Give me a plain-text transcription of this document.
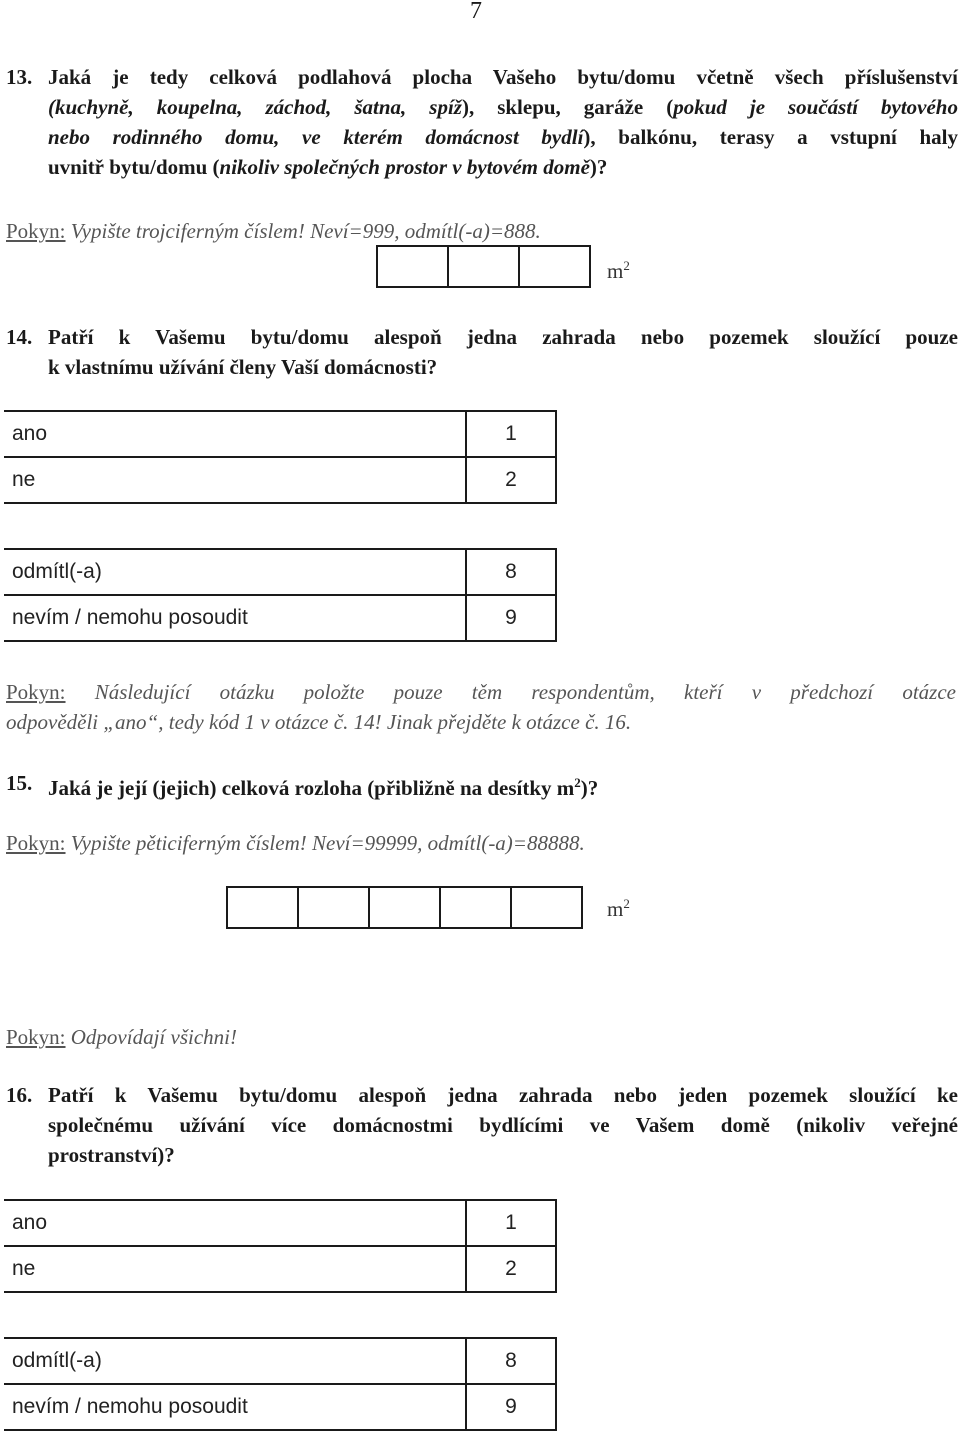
7
13. Jaká je tedy celková podlahová plocha Vašeho bytu/domu včetně všech příslušenství
(kuchyně, koupelna, záchod, šatna, spíž), sklepu, garáže (pokud je součástí bytového
nebo rodinného domu, ve kterém domácnost bydlí), balkónu, terasy a vstupní haly
uvnitř bytu/domu (nikoliv společných prostor v bytovém domě)?
Pokyn: Vypište trojciferným číslem! Neví=999, odmítl(-a)=888.
$m^2$
14. Patří k Vašemu bytu/domu alespoň jedna zahrada nebo pozemek sloužící pouze
k vlastnímu užívání členy Vaší domácnosti?
ano	1
ne	2

odmítl(-a)	8
nevím / nemohu posoudit	9
Pokyn: Následující otázku položte pouze těm respondentům, kteří v předchozí otázce
odpověděli „ano“, tedy kód 1 v otázce č. 14! Jinak přejděte k otázce č. 16.
15. Jaká je její (jejich) celková rozloha (přibližně na desítky $m^2$)?
Pokyn: Vypište pěticiferným číslem! Neví=99999, odmítl(-a)=88888.
$m^2$
Pokyn: Odpovídají všichni!
16. Patří k Vašemu bytu/domu alespoň jedna zahrada nebo jeden pozemek sloužící ke
společnému užívání více domácnostmi bydlícími ve Vašem domě (nikoliv veřejné
prostranství)?
ano	1
ne	2

odmítl(-a)	8
nevím / nemohu posoudit	9
